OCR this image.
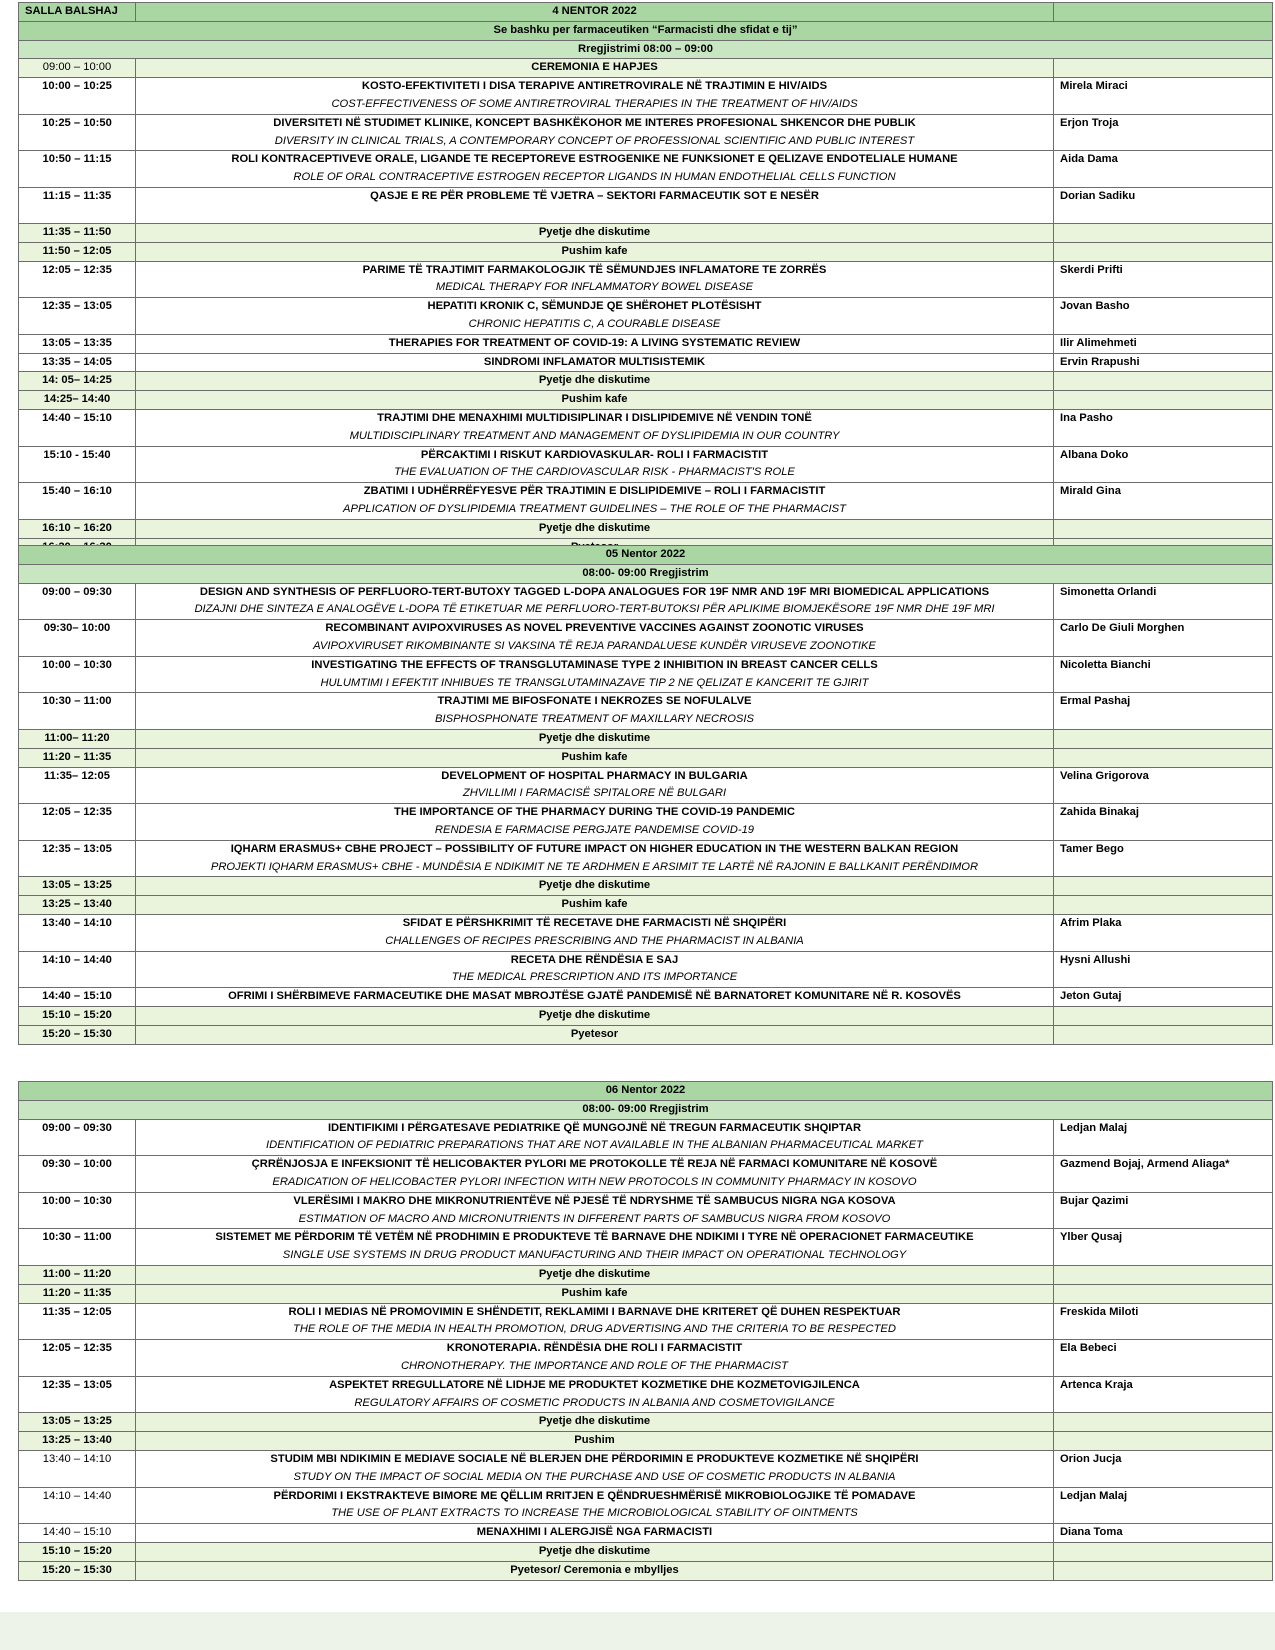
SALLA BALSHAJ	4 NENTOR 2022	
Se bashku per farmaceutiken “Farmacisti dhe sfidat e tij”		
Rregjistrimi 08:00 – 09:00		
09:00 – 10:00	CEREMONIA E HAPJES	
10:00 – 10:25	KOSTO-EFEKTIVITETI I DISA TERAPIVE ANTIRETROVIRALE NË TRAJTIMIN E HIV/AIDS
COST-EFFECTIVENESS OF SOME ANTIRETROVIRAL THERAPIES IN THE TREATMENT OF HIV/AIDS	Mirela Miraci
10:25 – 10:50	DIVERSITETI NË STUDIMET KLINIKE, KONCEPT BASHKËKOHOR ME INTERES PROFESIONAL SHKENCOR DHE PUBLIK
DIVERSITY IN CLINICAL TRIALS, A CONTEMPORARY CONCEPT OF PROFESSIONAL SCIENTIFIC AND PUBLIC INTEREST	Erjon Troja
10:50 – 11:15	ROLI KONTRACEPTIVEVE ORALE, LIGANDE TE RECEPTOREVE ESTROGENIKE NE FUNKSIONET E QELIZAVE ENDOTELIALE HUMANE
ROLE OF ORAL CONTRACEPTIVE ESTROGEN RECEPTOR LIGANDS IN HUMAN ENDOTHELIAL CELLS FUNCTION	Aida Dama
11:15 – 11:35	QASJE E RE PËR PROBLEME TË VJETRA – SEKTORI FARMACEUTIK SOT E NESËR	Dorian Sadiku
11:35 – 11:50	Pyetje dhe diskutime	
11:50 – 12:05	Pushim kafe	
12:05 – 12:35	PARIME TË TRAJTIMIT FARMAKOLOGJIK TË SËMUNDJES INFLAMATORE TE ZORRËS
MEDICAL THERAPY FOR INFLAMMATORY BOWEL DISEASE	Skerdi Prifti
12:35 – 13:05	HEPATITI KRONIK C, SËMUNDJE QE SHËROHET PLOTËSISHT
CHRONIC HEPATITIS C, A COURABLE DISEASE	Jovan Basho
13:05 – 13:35	THERAPIES FOR TREATMENT OF COVID-19: A LIVING SYSTEMATIC REVIEW	Ilir Alimehmeti
13:35 – 14:05	SINDROMI INFLAMATOR MULTISISTEMIK	Ervin Rrapushi
14: 05– 14:25	Pyetje dhe diskutime	
14:25– 14:40	Pushim kafe	
14:40 – 15:10	TRAJTIMI DHE MENAXHIMI MULTIDISIPLINAR I DISLIPIDEMIVE NË VENDIN TONË
MULTIDISCIPLINARY TREATMENT AND MANAGEMENT OF DYSLIPIDEMIA IN OUR COUNTRY	Ina Pasho
15:10 - 15:40	PËRCAKTIMI I RISKUT KARDIOVASKULAR- ROLI I FARMACISTIT
THE EVALUATION OF THE CARDIOVASCULAR RISK - PHARMACIST'S ROLE	Albana Doko
15:40 – 16:10	ZBATIMI I UDHËRRËFYESVE PËR TRAJTIMIN E DISLIPIDEMIVE – ROLI I FARMACISTIT
APPLICATION OF DYSLIPIDEMIA TREATMENT GUIDELINES – THE ROLE OF THE PHARMACIST	Mirald Gina
16:10 – 16:20	Pyetje dhe diskutime	

05 Nentor 2022		
08:00- 09:00 Rregjistrim		
09:00 – 09:30	DESIGN AND SYNTHESIS OF PERFLUORO-TERT-BUTOXY TAGGED L-DOPA ANALOGUES FOR 19F NMR AND 19F MRI BIOMEDICAL APPLICATIONS
DIZAJNI DHE SINTEZA E ANALOGËVE L-DOPA TË ETIKETUAR ME PERFLUORO-TERT-BUTOKSI PËR APLIKIME BIOMJEKËSORE 19F NMR DHE 19F MRI	Simonetta Orlandi
09:30– 10:00	RECOMBINANT AVIPOXVIRUSES AS NOVEL PREVENTIVE VACCINES AGAINST ZOONOTIC VIRUSES
AVIPOXVIRUSET RIKOMBINANTE SI VAKSINA TË REJA PARANDALUESE KUNDËR VIRUSEVE ZOONOTIKE	Carlo De Giuli Morghen
10:00 – 10:30	INVESTIGATING THE EFFECTS OF TRANSGLUTAMINASE TYPE 2 INHIBITION IN BREAST CANCER CELLS
HULUMTIMI I EFEKTIT INHIBUES TE TRANSGLUTAMINAZAVE TIP 2 NE QELIZAT E KANCERIT TE GJIRIT	Nicoletta Bianchi
10:30 – 11:00	TRAJTIMI ME BIFOSFONATE I NEKROZES SE NOFULALVE
BISPHOSPHONATE TREATMENT OF MAXILLARY NECROSIS	Ermal Pashaj
11:00– 11:20	Pyetje dhe diskutime	
11:20 – 11:35	Pushim kafe	
11:35– 12:05	DEVELOPMENT OF HOSPITAL PHARMACY IN BULGARIA
ZHVILLIMI I FARMACISË SPITALORE NË BULGARI	Velina Grigorova
12:05 – 12:35	THE IMPORTANCE OF THE PHARMACY DURING THE COVID-19 PANDEMIC
RENDESIA E FARMACISE PERGJATE PANDEMISE COVID-19	Zahida Binakaj
12:35 – 13:05	IQHARM ERASMUS+ CBHE PROJECT – POSSIBILITY OF FUTURE IMPACT ON HIGHER EDUCATION IN THE WESTERN BALKAN REGION
PROJEKTI IQHARM ERASMUS+ CBHE - MUNDËSIA E NDIKIMIT NE TE ARDHMEN E ARSIMIT TE LARTË NË RAJONIN E BALLKANIT PERËNDIMOR	Tamer Bego
13:05 – 13:25	Pyetje dhe diskutime	
13:25 – 13:40	Pushim kafe	
13:40 – 14:10	SFIDAT E PËRSHKRIMIT TË RECETAVE DHE FARMACISTI NË SHQIPËRI
CHALLENGES OF RECIPES PRESCRIBING AND THE PHARMACIST IN ALBANIA	Afrim Plaka
14:10 – 14:40	RECETA DHE RËNDËSIA E SAJ
THE MEDICAL PRESCRIPTION AND ITS IMPORTANCE	Hysni Allushi
14:40 – 15:10	OFRIMI I SHËRBIMEVE FARMACEUTIKE DHE MASAT MBROJTËSE GJATË PANDEMISË NË BARNATORET KOMUNITARE NË R. KOSOVËS	Jeton Gutaj
15:10 – 15:20	Pyetje dhe diskutime	
15:20 – 15:30	Pyetesor	
06 Nentor 2022		
08:00- 09:00 Rregjistrim		
09:00 – 09:30	IDENTIFIKIMI I PËRGATESAVE PEDIATRIKE QË MUNGOJNË NË TREGUN FARMACEUTIK SHQIPTAR
IDENTIFICATION OF PEDIATRIC PREPARATIONS THAT ARE NOT AVAILABLE IN THE ALBANIAN PHARMACEUTICAL MARKET	Ledjan Malaj
09:30 – 10:00	ÇRRËNJOSJA E INFEKSIONIT TË HELICOBAKTER PYLORI ME PROTOKOLLE TË REJA NË FARMACI KOMUNITARE NË KOSOVË
ERADICATION OF HELICOBACTER PYLORI INFECTION WITH NEW PROTOCOLS IN COMMUNITY PHARMACY IN KOSOVO	Gazmend Bojaj, Armend Aliaga*
10:00 – 10:30	VLERËSIMI I MAKRO DHE MIKRONUTRIENTËVE NË PJESË TË NDRYSHME TË SAMBUCUS NIGRA NGA KOSOVA
ESTIMATION OF MACRO AND MICRONUTRIENTS IN DIFFERENT PARTS OF SAMBUCUS NIGRA FROM KOSOVO	Bujar Qazimi
10:30 – 11:00	SISTEMET ME PËRDORIM TË VETËM NË PRODHIMIN E PRODUKTEVE TË BARNAVE DHE NDIKIMI I TYRE NË OPERACIONET FARMACEUTIKE
SINGLE USE SYSTEMS IN DRUG PRODUCT MANUFACTURING AND THEIR IMPACT ON OPERATIONAL TECHNOLOGY	Ylber Qusaj
11:00 – 11:20	Pyetje dhe diskutime	
11:20 – 11:35	Pushim kafe	
11:35 – 12:05	ROLI I MEDIAS NË PROMOVIMIN E SHËNDETIT, REKLAMIMI I BARNAVE DHE KRITERET QË DUHEN RESPEKTUAR
THE ROLE OF THE MEDIA IN HEALTH PROMOTION, DRUG ADVERTISING AND THE CRITERIA TO BE RESPECTED	Freskida Miloti
12:05 – 12:35	KRONOTERAPIA. RËNDËSIA DHE ROLI I FARMACISTIT
CHRONOTHERAPY. THE IMPORTANCE AND ROLE OF THE PHARMACIST	Ela Bebeci
12:35 – 13:05	ASPEKTET RREGULLATORE NË LIDHJE ME PRODUKTET KOZMETIKE DHE KOZMETOVIGJILENCA
REGULATORY AFFAIRS OF COSMETIC PRODUCTS IN ALBANIA AND COSMETOVIGILANCE	Artenca Kraja
13:05 – 13:25	Pyetje dhe diskutime	
13:25 – 13:40	Pushim	
13:40 – 14:10	STUDIM MBI NDIKIMIN E MEDIAVE SOCIALE NË BLERJEN DHE PËRDORIMIN E PRODUKTEVE KOZMETIKE NË SHQIPËRI
STUDY ON THE IMPACT OF SOCIAL MEDIA ON THE PURCHASE AND USE OF COSMETIC PRODUCTS IN ALBANIA	Orion Jucja
14:10 – 14:40	PËRDORIMI I EKSTRAKTEVE BIMORE ME QËLLIM RRITJEN E QËNDRUESHMËRISË MIKROBIOLOGJIKE TË POMADAVE
THE USE OF PLANT EXTRACTS TO INCREASE THE MICROBIOLOGICAL STABILITY OF OINTMENTS	Ledjan Malaj
14:40 – 15:10	MENAXHIMI I ALERGJISË NGA FARMACISTI	Diana Toma
15:10 – 15:20	Pyetje dhe diskutime	
15:20 – 15:30	Pyetesor/ Ceremonia e mbylljes	
